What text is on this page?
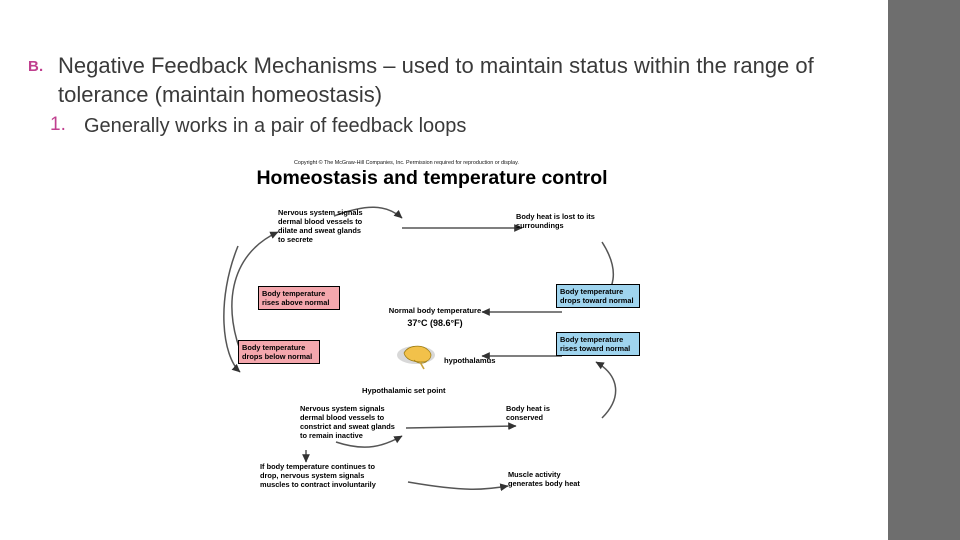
B. Negative Feedback Mechanisms – used to maintain status within the range of tolerance (maintain homeostasis)
1. Generally works in a pair of feedback loops
Copyright © The McGraw-Hill Companies, Inc. Permission required for reproduction or display.
Homeostasis and temperature control
Nervous system signals dermal blood vessels to dilate and sweat glands to secrete
Body heat is lost to its surroundings
Body temperature rises above normal
Body temperature drops toward normal
Body temperature rises toward normal
Body temperature drops below normal
Normal body temperature
37°C (98.6°F)
hypothalamus
Hypothalamic set point
Nervous system signals dermal blood vessels to constrict and sweat glands to remain inactive
Body heat is conserved
If body temperature continues to drop, nervous system signals muscles to contract involuntarily
Muscle activity generates body heat
